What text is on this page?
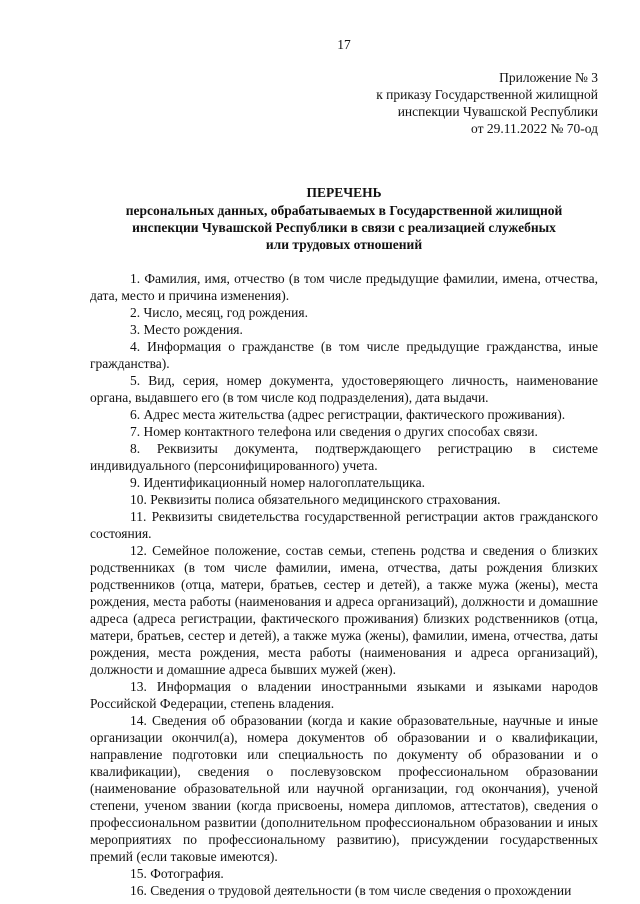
17
Приложение № 3
к приказу Государственной жилищной
инспекции Чувашской Республики
от 29.11.2022 № 70-од
ПЕРЕЧЕНЬ
персональных данных, обрабатываемых в Государственной жилищной
инспекции Чувашской Республики в связи с реализацией служебных
или трудовых отношений

1. Фамилия, имя, отчество (в том числе предыдущие фамилии, имена, отчества, дата, место и причина изменения).

2. Число, месяц, год рождения.

3. Место рождения.

4. Информация о гражданстве (в том числе предыдущие гражданства, иные гражданства).

5. Вид, серия, номер документа, удостоверяющего личность, наименование органа, выдавшего его (в том числе код подразделения), дата выдачи.

6. Адрес места жительства (адрес регистрации, фактического проживания).

7. Номер контактного телефона или сведения о других способах связи.

8. Реквизиты документа, подтверждающего регистрацию в системе индивидуального (персонифицированного) учета.

9. Идентификационный номер налогоплательщика.

10. Реквизиты полиса обязательного медицинского страхования.

11. Реквизиты свидетельства государственной регистрации актов гражданского состояния.

12. Семейное положение, состав семьи, степень родства и сведения о близких родственниках (в том числе фамилии, имена, отчества, даты рождения близких родственников (отца, матери, братьев, сестер и детей), а также мужа (жены), места рождения, места работы (наименования и адреса организаций), должности и домашние адреса (адреса регистрации, фактического проживания) близких родственников (отца, матери, братьев, сестер и детей), а также мужа (жены), фамилии, имена, отчества, даты рождения, места рождения, места работы (наименования и адреса организаций), должности и домашние адреса бывших мужей (жен).

13. Информация о владении иностранными языками и языками народов Российской Федерации, степень владения.

14. Сведения об образовании (когда и какие образовательные, научные и иные организации окончил(а), номера документов об образовании и о квалификации, направление подготовки или специальность по документу об образовании и о квалификации), сведения о послевузовском профессиональном образовании (наименование образовательной или научной организации, год окончания), ученой степени, ученом звании (когда присвоены, номера дипломов, аттестатов), сведения о профессиональном развитии (дополнительном профессиональном образовании и иных мероприятиях по профессиональному развитию), присуждении государственных премий (если таковые имеются).

15. Фотография.

16. Сведения о трудовой деятельности (в том числе сведения о прохождении
